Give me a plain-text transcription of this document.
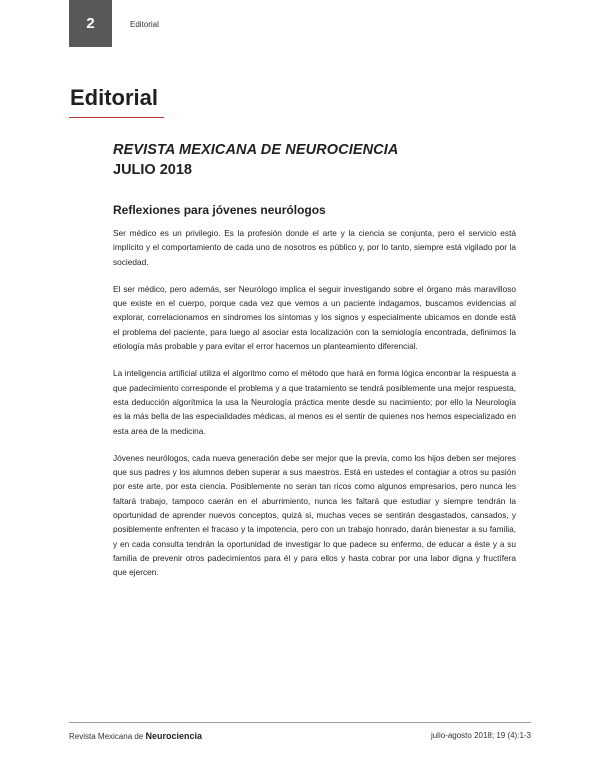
2	Editorial
Editorial
REVISTA MEXICANA DE NEUROCIENCIA
JULIO 2018
Reflexiones para jóvenes neurólogos

Ser médico es un privilegio. Es la profesión donde el arte y la ciencia se conjunta, pero el servicio está implícito y el comportamiento de cada uno de nosotros es público y, por lo tanto, siempre está vigilado por la sociedad.

El ser médico, pero además, ser Neurólogo implica el seguir investigando sobre el órgano más maravilloso que existe en el cuerpo, porque cada vez que vemos a un paciente indagamos, buscamos evidencias al explorar, correlacionamos en síndromes los síntomas y los signos y especialmente ubicamos en donde está el problema del paciente, para luego al asociar esta localización con la semiología encontrada, definimos la etiología más probable y para evitar el error hacemos un planteamiento diferencial.

La inteligencia artificial utiliza el algoritmo como el método que hará en forma lógica encontrar la respuesta a que padecimiento corresponde el problema y a que tratamiento se tendrá posiblemente una mejor respuesta, esta deducción algorítmica la usa la Neurología práctica mente desde su nacimiento; por ello la Neurología es la más bella de las especialidades médicas, al menos es el sentir de quienes nos hemos especializado en esta area de la medicina.

Jóvenes neurólogos, cada nueva generación debe ser mejor que la previa, como los hijos deben ser mejores que sus padres y los alumnos deben superar a sus maestros. Está en ustedes el contagiar a otros su pasión por este arte, por esta ciencia. Posiblemente no seran tan ricos como algunos empresarios, pero nunca les faltará trabajo, tampoco caerán en el aburrimiento, nunca les faltará que estudiar y siempre tendrán la oportunidad de aprender nuevos conceptos, quizá si, muchas veces se sentirán desgastados, cansados, y posiblemente enfrenten el fracaso y la impotencia, pero con un trabajo honrado, darán bienestar a su familia, y en cada consulta tendrán la oportunidad de investigar lo que padece su enfermo, de educar a éste y a su familia de prevenir otros padecimientos para él y para ellos y hasta cobrar por una labor digna y fructífera que ejercen.

Revista Mexicana de Neurociencia	julio-agosto 2018; 19 (4):1-3
